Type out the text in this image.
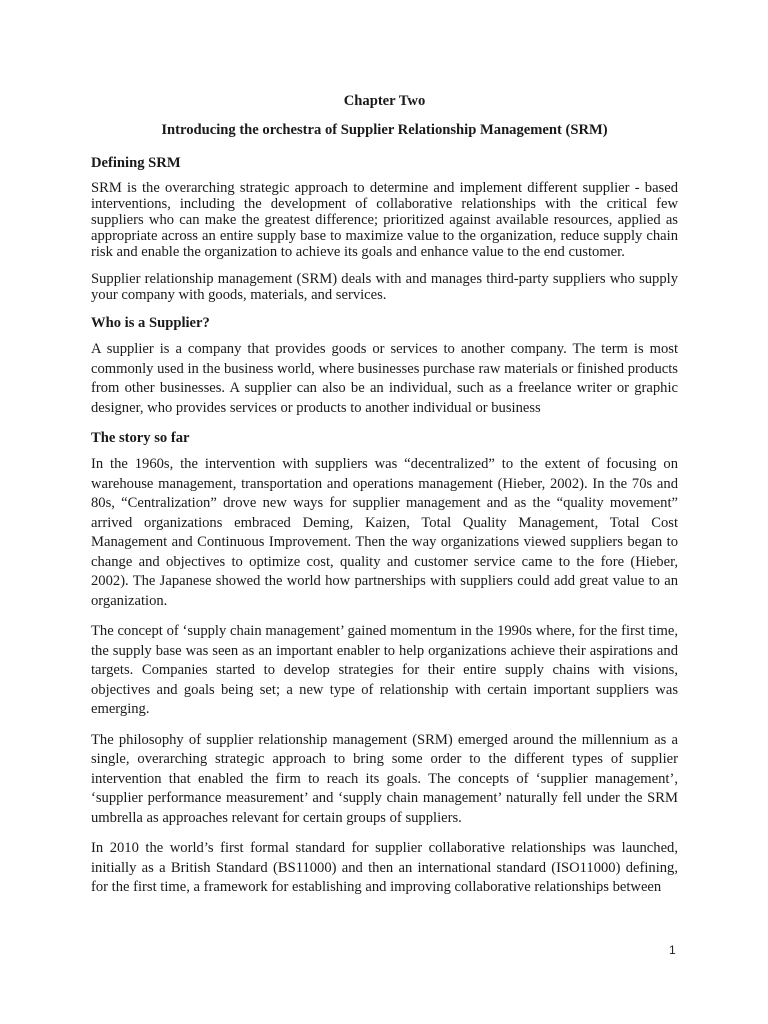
Chapter Two
Introducing the orchestra of Supplier Relationship Management (SRM)
Defining SRM

SRM is the overarching strategic approach to determine and implement different supplier - based interventions, including the development of collaborative relationships with the critical few suppliers who can make the greatest difference; prioritized against available resources, applied as appropriate across an entire supply base to maximize value to the organization, reduce supply chain risk and enable the organization to achieve its goals and enhance value to the end customer.

Supplier relationship management (SRM) deals with and manages third-party suppliers who supply your company with goods, materials, and services.

Who is a Supplier?

A supplier is a company that provides goods or services to another company. The term is most commonly used in the business world, where businesses purchase raw materials or finished products from other businesses. A supplier can also be an individual, such as a freelance writer or graphic designer, who provides services or products to another individual or business

The story so far

In the 1960s, the intervention with suppliers was “decentralized” to the extent of focusing on warehouse management, transportation and operations management (Hieber, 2002). In the 70s and 80s, “Centralization” drove new ways for supplier management and as the “quality movement” arrived organizations embraced Deming, Kaizen, Total Quality Management, Total Cost Management and Continuous Improvement. Then the way organizations viewed suppliers began to change and objectives to optimize cost, quality and customer service came to the fore (Hieber, 2002). The Japanese showed the world how partnerships with suppliers could add great value to an organization.

The concept of ‘supply chain management’ gained momentum in the 1990s where, for the first time, the supply base was seen as an important enabler to help organizations achieve their aspirations and targets. Companies started to develop strategies for their entire supply chains with visions, objectives and goals being set; a new type of relationship with certain important suppliers was emerging.

The philosophy of supplier relationship management (SRM) emerged around the millennium as a single, overarching strategic approach to bring some order to the different types of supplier intervention that enabled the firm to reach its goals. The concepts of ‘supplier management’, ‘supplier performance measurement’ and ‘supply chain management’ naturally fell under the SRM umbrella as approaches relevant for certain groups of suppliers.

In 2010 the world’s first formal standard for supplier collaborative relationships was launched, initially as a British Standard (BS11000) and then an international standard (ISO11000) defining, for the first time, a framework for establishing and improving collaborative relationships between

1
